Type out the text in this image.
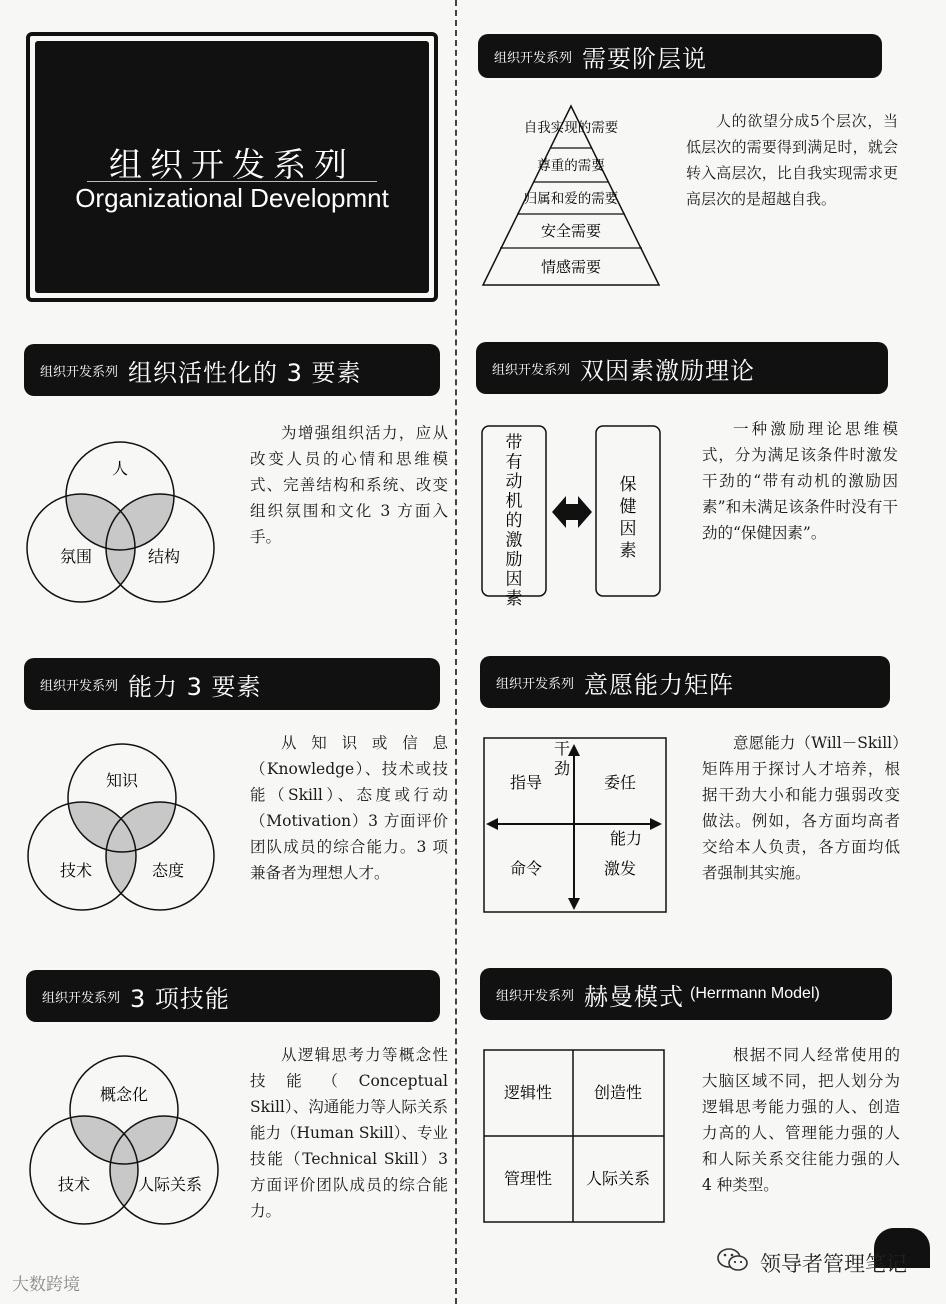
组织开发系列
Organizational Developmnt
组织开发系列 需要阶层说
自我实现的需要
尊重的需要
归属和爱的需要
安全需要
情感需要
人的欲望分成5个层次，当低层次的需要得到满足时，就会转入高层次，比自我实现需求更高层次的是超越自我。
组织开发系列 组织活性化的 3 要素
人
氛围	结构
为增强组织活力，应从改变人员的心情和思维模式、完善结构和系统、改变组织氛围和文化 3 方面入手。
组织开发系列 双因素激励理论
带有动机的激励因素
保健因素
一种激励理论思维模式，分为满足该条件时激发干劲的“带有动机的激励因素”和未满足该条件时没有干劲的“保健因素”。
组织开发系列 能力 3 要素
知识
技术	态度
从知识或信息（Knowledge）、技术或技能（Skill）、态度或行动（Motivation）3 方面评价团队成员的综合能力。3 项兼备者为理想人才。
组织开发系列 意愿能力矩阵
干劲
能力
指导	委任
命令	激发
意愿能力（Will－Skill）矩阵用于探讨人才培养，根据干劲大小和能力强弱改变做法。例如，各方面均高者交给本人负责，各方面均低者强制其实施。
组织开发系列 3 项技能
概念化
技术	人际关系
从逻辑思考力等概念性技能（Conceptual Skill）、沟通能力等人际关系能力（Human Skill）、专业技能（Technical Skill）3 方面评价团队成员的综合能力。
组织开发系列 赫曼模式 (Herrmann Model)
逻辑性	创造性
管理性 人际关系
根据不同人经常使用的大脑区域不同，把人划分为逻辑思考能力强的人、创造力高的人、管理能力强的人和人际关系交往能力强的人 4 种类型。
领导者管理笔记
大数跨境
